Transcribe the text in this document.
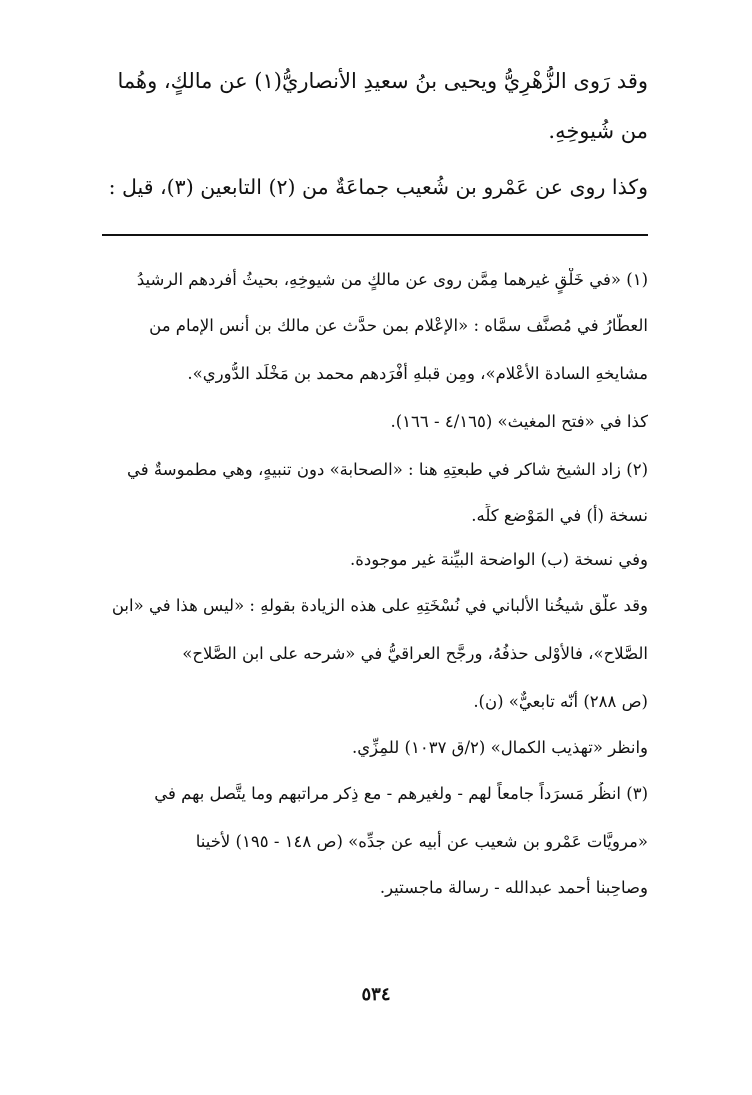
وقد رَوى الزُّهْرِيُّ ويحيى بنُ سعيدِ الأنصاريُّ(١) عن مالكٍ، وهُما
من شُيوخِهِ.
وكذا روى عن عَمْرو بن شُعيب جماعَةٌ من (٢) التابعين (٣)، قيل :
(١) «في خَلْقٍ غيرهما مِمَّن روى عن مالكٍ من شيوخِهِ، بحيثُ أفردهم الرشيدُ
العطَّارُ في مُصنَّف سمَّاه : «الإعْلام بمن حدَّث عن مالك بن أنس الإمام من
مشايخهِ السادة الأعْلام»، ومِن قبلهِ أفْرَدهم محمد بن مَخْلَد الدُّوري».
كذا في «فتح المغيث» (٤/١٦٥ - ١٦٦).
(٢) زاد الشيخ شاكر في طبعتِهِ هنا : «الصحابة» دون تنبيهٍ، وهي مطموسةٌ في
نسخة (أ) في المَوْضع كلِّه.
وفي نسخة (ب) الواضحة البيِّنة غير موجودة.
وقد علَّق شيخُنا الألباني في نُسْخَتِهِ على هذه الزيادة بقولهِ : «ليس هذا في «ابن
الصَّلاح»، فالأوْلى حذفُهُ، ورجَّح العراقيُّ في «شرحه على ابن الصَّلاح»
(ص ٢٨٨) أنّه تابعيٌّ» (ن).
وانظر «تهذيب الكمال» (٢/ق ١٠٣٧) للمِزِّي.
(٣) انظُر مَسرَداً جامعاً لهم - ولغيرهم - مع ذِكر مراتبهم وما يتَّصل بهم في
«مرويَّات عَمْرو بن شعيب عن أبيه عن جدِّه» (ص ١٤٨ - ١٩٥) لأخينا
وصاحِبنا أحمد عبدالله - رسالة ماجستير.
٥٣٤
